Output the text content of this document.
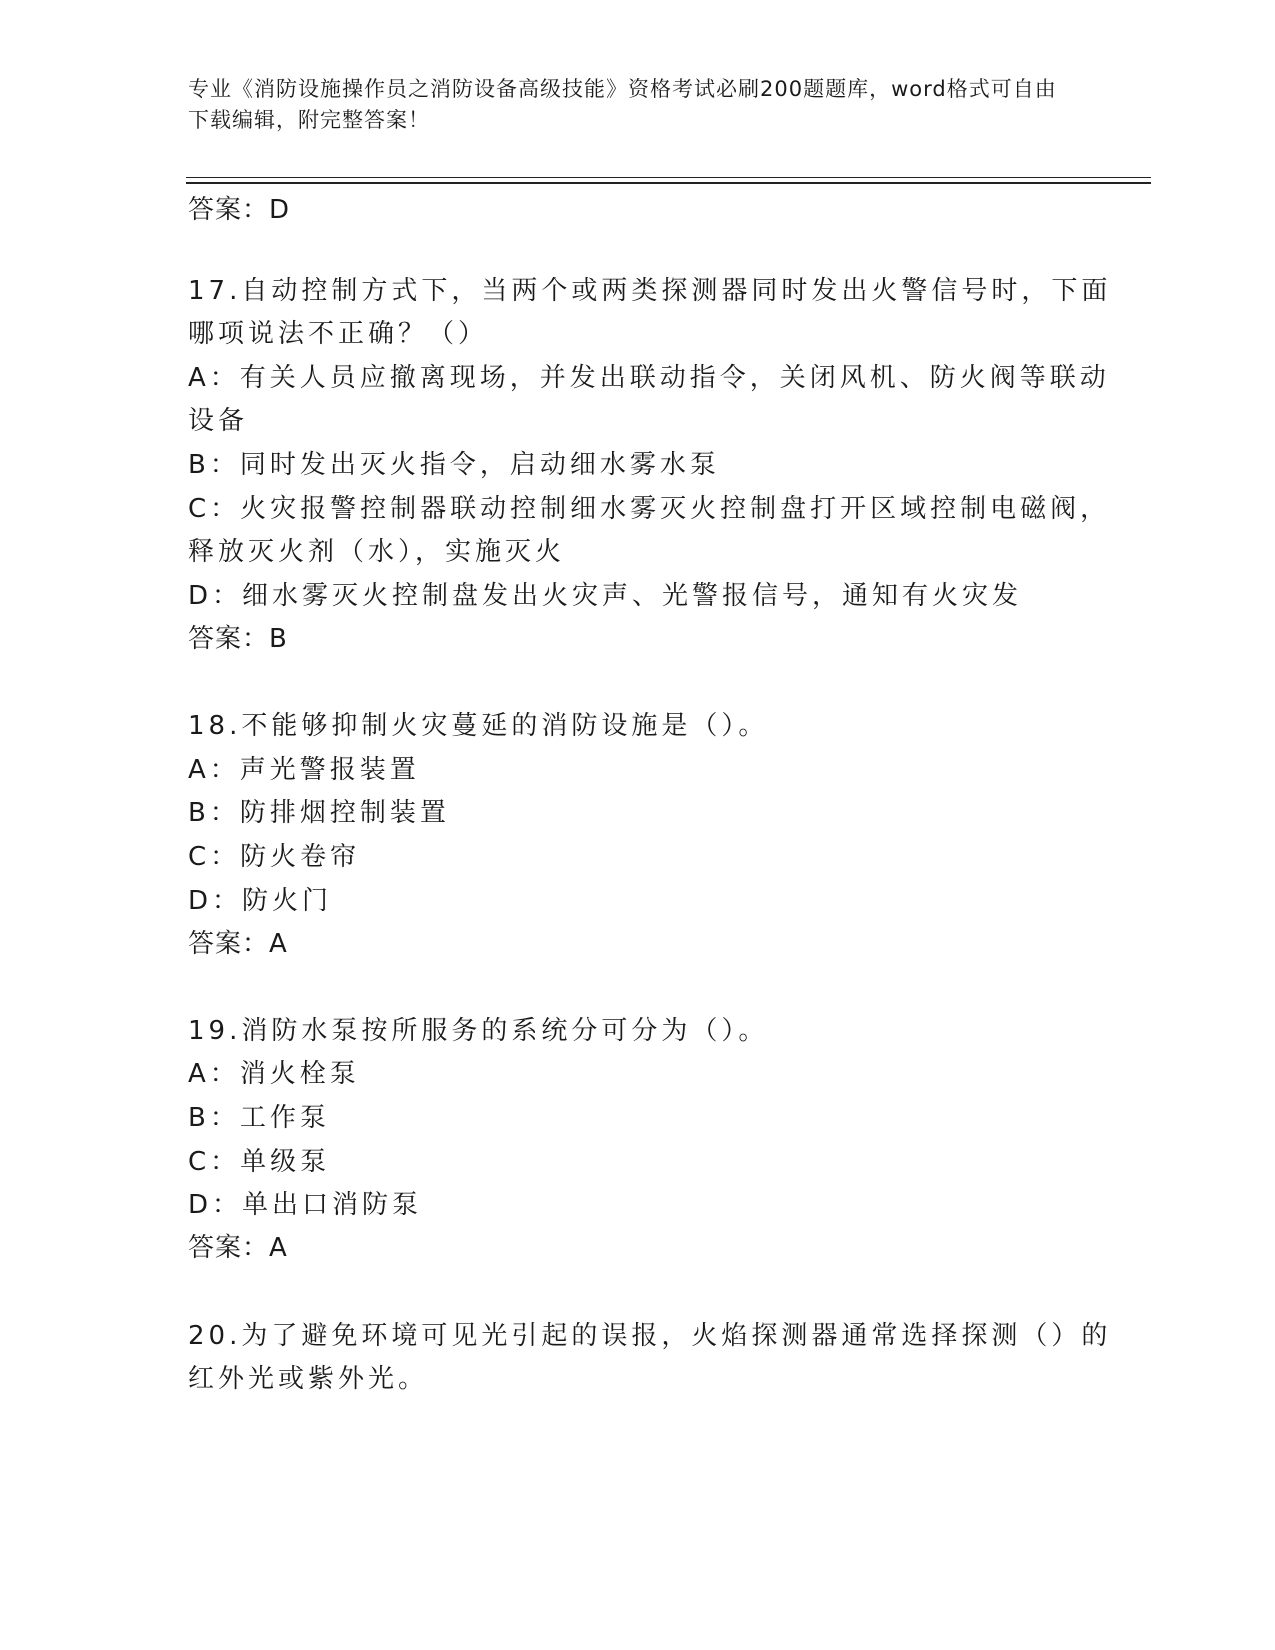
专业《消防设施操作员之消防设备高级技能》资格考试必刷200题题库，word格式可自由下载编辑，附完整答案！
答案：D
17.自动控制方式下，当两个或两类探测器同时发出火警信号时，下面
哪项说法不正确？（）
A：有关人员应撤离现场，并发出联动指令，关闭风机、防火阀等联动
设备
B：同时发出灭火指令，启动细水雾水泵
C：火灾报警控制器联动控制细水雾灭火控制盘打开区域控制电磁阀，
释放灭火剂（水），实施灭火
D：细水雾灭火控制盘发出火灾声、光警报信号，通知有火灾发
答案：B
18.不能够抑制火灾蔓延的消防设施是（）。
A：声光警报装置
B：防排烟控制装置
C：防火卷帘
D：防火门
答案：A
19.消防水泵按所服务的系统分可分为（）。
A：消火栓泵
B：工作泵
C：单级泵
D：单出口消防泵
答案：A
20.为了避免环境可见光引起的误报，火焰探测器通常选择探测（）的
红外光或紫外光。
